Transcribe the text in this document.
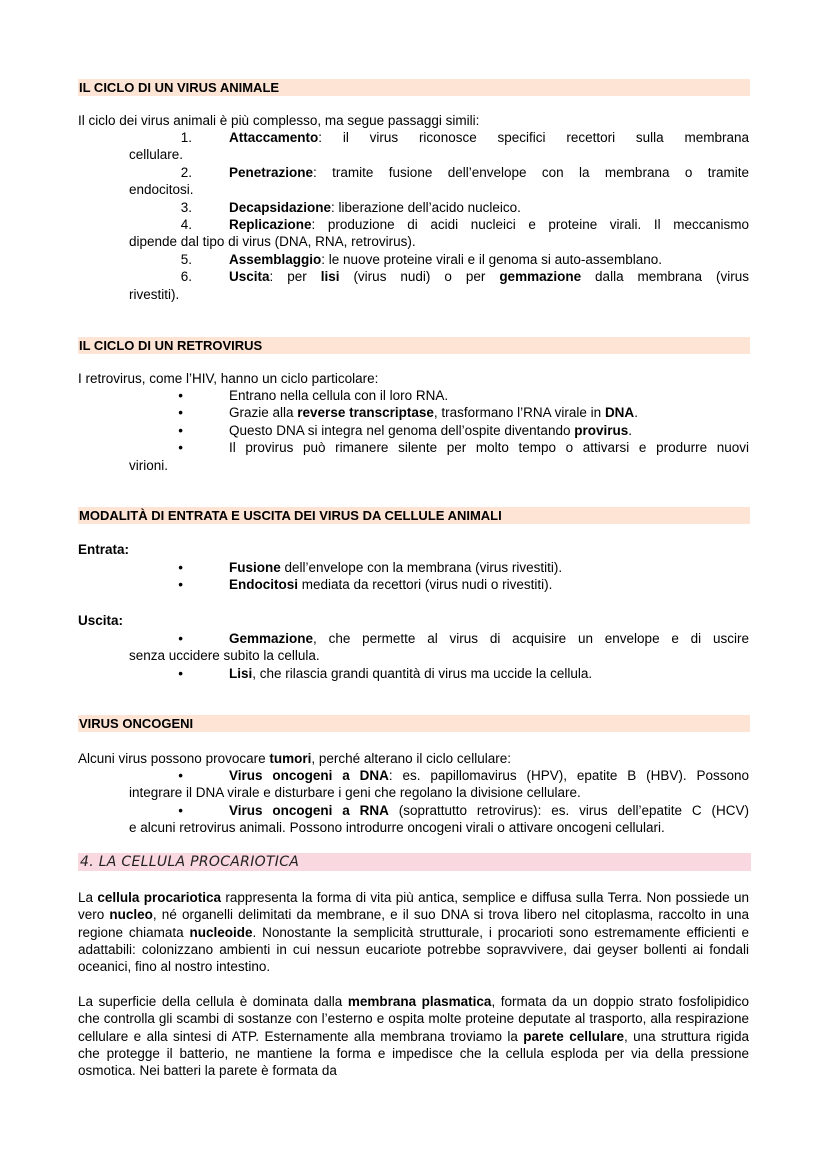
IL CICLO DI UN VIRUS ANIMALE
Il ciclo dei virus animali è più complesso, ma segue passaggi simili:
1.	Attaccamento: il virus riconosce specifici recettori sulla membrana
cellulare.
2.	Penetrazione: tramite fusione dell’envelope con la membrana o tramite
endocitosi.
3.	Decapsidazione: liberazione dell’acido nucleico.
4.	Replicazione: produzione di acidi nucleici e proteine virali. Il meccanismo
dipende dal tipo di virus (DNA, RNA, retrovirus).
5.	Assemblaggio: le nuove proteine virali e il genoma si auto-assemblano.
6.	Uscita: per lisi (virus nudi) o per gemmazione dalla membrana (virus
rivestiti).
IL CICLO DI UN RETROVIRUS
I retrovirus, come l’HIV, hanno un ciclo particolare:
•	Entrano nella cellula con il loro RNA.
•	Grazie alla reverse transcriptase, trasformano l’RNA virale in DNA.
•	Questo DNA si integra nel genoma dell’ospite diventando provirus.
•	Il provirus può rimanere silente per molto tempo o attivarsi e produrre nuovi
virioni.
MODALITÀ DI ENTRATA E USCITA DEI VIRUS DA CELLULE ANIMALI
Entrata:
•	Fusione dell’envelope con la membrana (virus rivestiti).
•	Endocitosi mediata da recettori (virus nudi o rivestiti).
Uscita:
•	Gemmazione, che permette al virus di acquisire un envelope e di uscire
senza uccidere subito la cellula.
•	Lisi, che rilascia grandi quantità di virus ma uccide la cellula.
VIRUS ONCOGENI
Alcuni virus possono provocare tumori, perché alterano il ciclo cellulare:
•	Virus oncogeni a DNA: es. papillomavirus (HPV), epatite B (HBV). Possono
integrare il DNA virale e disturbare i geni che regolano la divisione cellulare.
•	Virus oncogeni a RNA (soprattutto retrovirus): es. virus dell’epatite C (HCV)
e alcuni retrovirus animali. Possono introdurre oncogeni virali o attivare oncogeni cellulari.
4. LA CELLULA PROCARIOTICA
La cellula procariotica rappresenta la forma di vita più antica, semplice e diffusa sulla Terra. Non possiede un vero nucleo, né organelli delimitati da membrane, e il suo DNA si trova libero nel citoplasma, raccolto in una regione chiamata nucleoide. Nonostante la semplicità strutturale, i procarioti sono estremamente efficienti e adattabili: colonizzano ambienti in cui nessun eucariote potrebbe sopravvivere, dai geyser bollenti ai fondali oceanici, fino al nostro intestino.
La superficie della cellula è dominata dalla membrana plasmatica, formata da un doppio strato fosfolipidico che controlla gli scambi di sostanze con l’esterno e ospita molte proteine deputate al trasporto, alla respirazione cellulare e alla sintesi di ATP. Esternamente alla membrana troviamo la parete cellulare, una struttura rigida che protegge il batterio, ne mantiene la forma e impedisce che la cellula esploda per via della pressione osmotica. Nei batteri la parete è formata da
